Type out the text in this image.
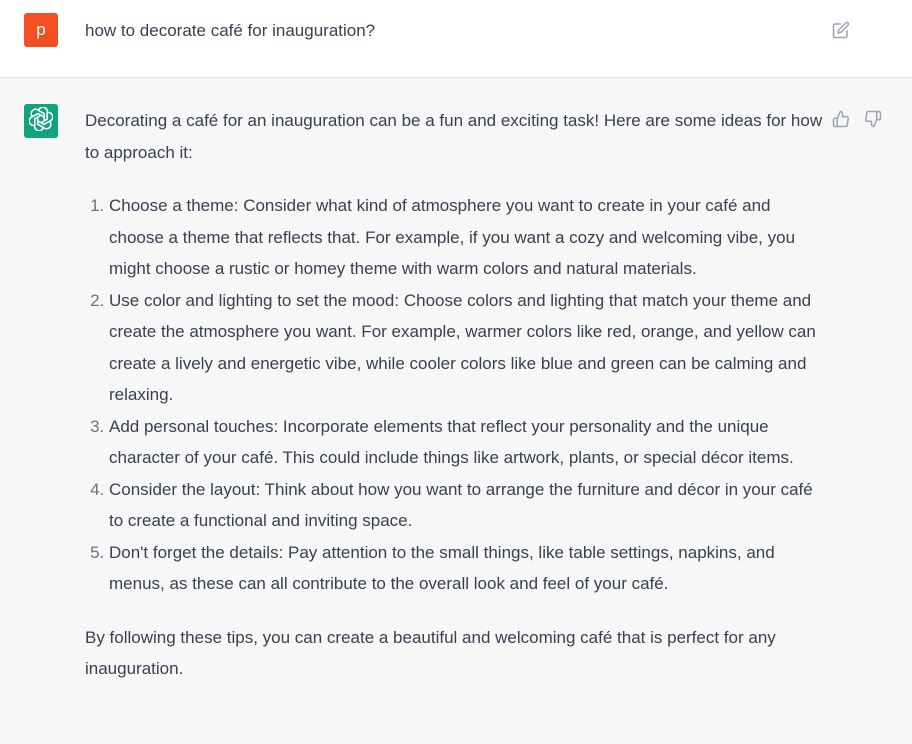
p	how to decorate café for inauguration?

Decorating a café for an inauguration can be a fun and exciting task! Here are some ideas for how to approach it:

1. Choose a theme: Consider what kind of atmosphere you want to create in your café and choose a theme that reflects that. For example, if you want a cozy and welcoming vibe, you might choose a rustic or homey theme with warm colors and natural materials.
2. Use color and lighting to set the mood: Choose colors and lighting that match your theme and create the atmosphere you want. For example, warmer colors like red, orange, and yellow can create a lively and energetic vibe, while cooler colors like blue and green can be calming and relaxing.
3. Add personal touches: Incorporate elements that reflect your personality and the unique character of your café. This could include things like artwork, plants, or special décor items.
4. Consider the layout: Think about how you want to arrange the furniture and décor in your café to create a functional and inviting space.
5. Don't forget the details: Pay attention to the small things, like table settings, napkins, and menus, as these can all contribute to the overall look and feel of your café.

By following these tips, you can create a beautiful and welcoming café that is perfect for any inauguration.
